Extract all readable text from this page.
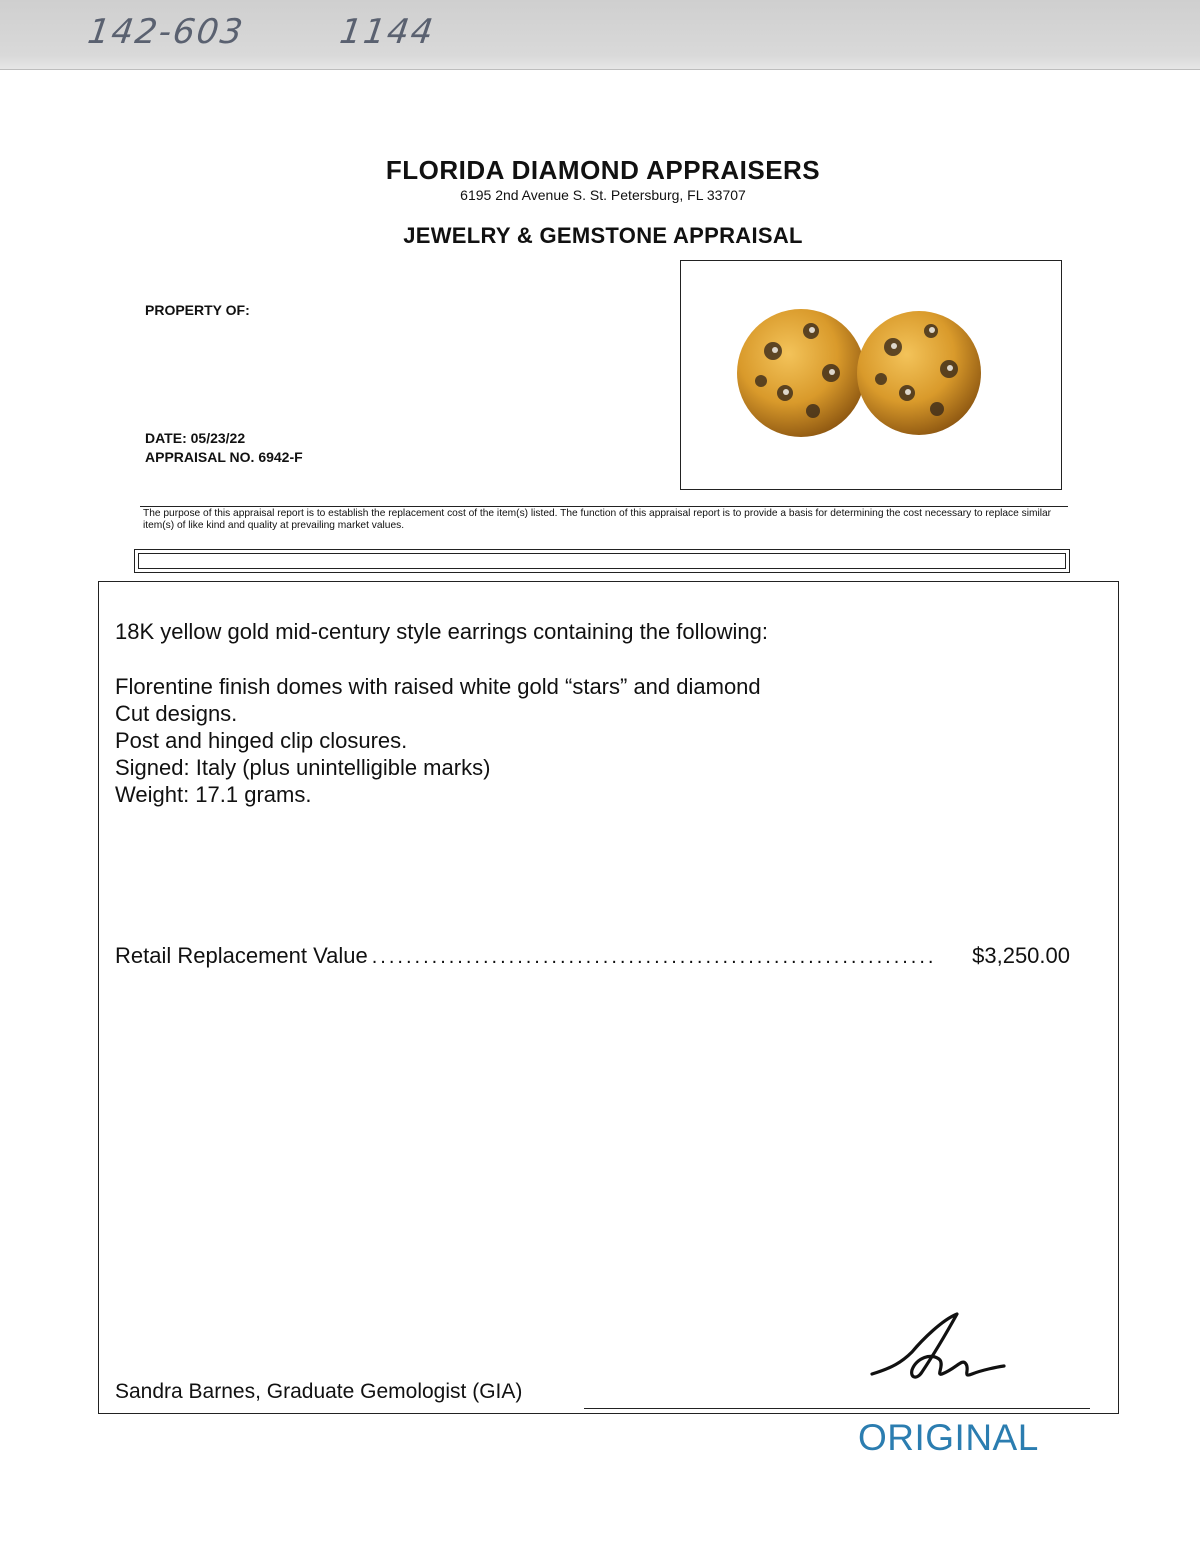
142-603	1144
FLORIDA DIAMOND APPRAISERS
6195 2nd Avenue S. St. Petersburg, FL 33707
JEWELRY & GEMSTONE APPRAISAL
PROPERTY OF:
DATE: 05/23/22
APPRAISAL NO. 6942-F
The purpose of this appraisal report is to establish the replacement cost of the item(s) listed. The function of this appraisal report is to provide a basis for determining the cost necessary to replace similar item(s) of like kind and quality at prevailing market values.
18K yellow gold mid-century style earrings containing the following:
Florentine finish domes with raised white gold “stars” and diamond
Cut designs.
Post and hinged clip closures.
Signed: Italy (plus unintelligible marks)
Weight: 17.1 grams.
Retail Replacement Value ..................................................................	$3,250.00
Sandra Barnes, Graduate Gemologist (GIA)
ORIGINAL
